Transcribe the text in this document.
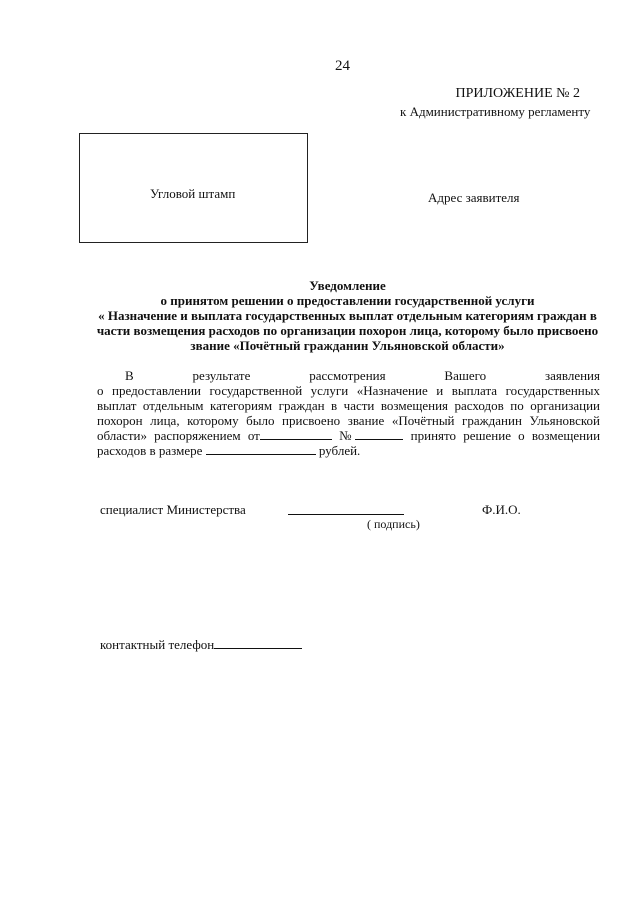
24
ПРИЛОЖЕНИЕ № 2
к Административному регламенту
Угловой штамп	Адрес заявителя
Уведомление
о принятом решении о предоставлении государственной услуги
« Назначение и выплата государственных выплат отдельным категориям граждан в
части возмещения расходов по организации похорон лица, которому было присвоено
звание «Почётный гражданин Ульяновской области»
В результате рассмотрения Вашего заявления
о предоставлении государственной услуги «Назначение и выплата государственных
выплат отдельным категориям граждан в части возмещения расходов по организации
похорон лица, которому было присвоено звание «Почётный гражданин Ульяновской
области» распоряжением от	№	принято решение о возмещении
расходов в размере	рублей.
специалист Министерства
( подпись)
Ф.И.О.
контактный телефон
